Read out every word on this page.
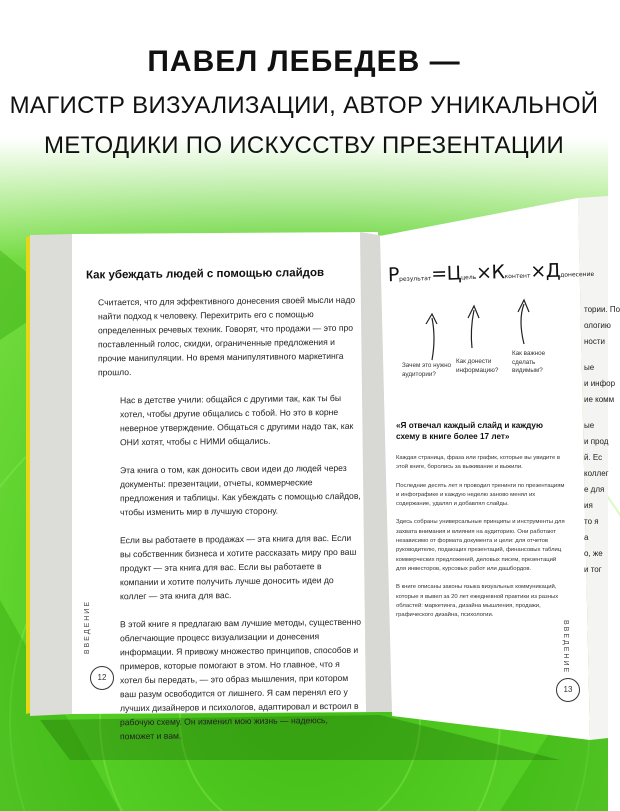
ПАВЕЛ ЛЕБЕДЕВ —
МАГИСТР ВИЗУАЛИЗАЦИИ, АВТОР УНИКАЛЬНОЙ
МЕТОДИКИ ПО ИСКУССТВУ ПРЕЗЕНТАЦИИ
Как убеждать людей с помощью слайдов

Считается, что для эффективного донесения своей мысли надо найти подход к человеку. Перехитрить его с помощью определенных речевых техник. Говорят, что продажи — это про поставленный голос, скидки, ограниченные предложения и прочие манипуляции. Но время манипулятивного маркетинга прошло.

Нас в детстве учили: общайся с другими так, как ты бы хотел, чтобы другие общались с тобой. Но это в корне неверное утверждение. Общаться с другими надо так, как ОНИ хотят, чтобы с НИМИ общались.

Эта книга о том, как доносить свои идеи до людей через документы: презентации, отчеты, коммерческие предложения и таблицы. Как убеждать с помощью слайдов, чтобы изменить мир в лучшую сторону.

Если вы работаете в продажах — эта книга для вас. Если вы собственник бизнеса и хотите рассказать миру про ваш продукт — эта книга для вас. Если вы работаете в компании и хотите получить лучше доносить идеи до коллег — эта книга для вас.

В этой книге я предлагаю вам лучшие методы, существенно облегчающие процесс визуализации и донесения информации. Я привожу множество принципов, способов и примеров, которые помогают в этом. Но главное, что я хотел бы передать, — это образ мышления, при котором ваш разум освободится от лишнего. Я сам перенял его у лучших дизайнеров и психологов, адаптировал и встроил в рабочую схему. Он изменил мою жизнь — надеюсь, поможет и вам.

ВВЕДЕНИЕ
12
Ррезультат=Ццель×Кконтент×Ддонесение
Зачем это нужно аудитории?
Как донести информацию?
Как важное сделать видимым?
«Я отвечал каждый слайд и каждую схему в книге более 17 лет»

Каждая страница, фраза или график, которые вы увидите в этой книге, боролись за выживание и выжили.

Последние десять лет я проводил тренинги по презентациям и инфографике и каждую неделю заново менял их содержание, удалял и добавлял слайды.

Здесь собраны универсальные принципы и инструменты для захвата внимания и влияния на аудиторию. Они работают независимо от формата документа и цели: для отчетов руководителю, подающих презентаций, финансовых таблиц коммерческих предложений, деловых писем, презентаций для инвесторов, курсовых работ или дашбордов.

В книге описаны законы языка визуальных коммуникаций, которые я вывел за 20 лет ежедневной практики из разных областей: маркетинга, дизайна мышления, продажи, графического дизайна, психологии.

ВВЕДЕНИЕ
13
тории. По
ологию
ности
ые
и инфор
ие комм
ые
и прод
й. Ес
коллег
е для
ия
то я
а
о, же
и тог
